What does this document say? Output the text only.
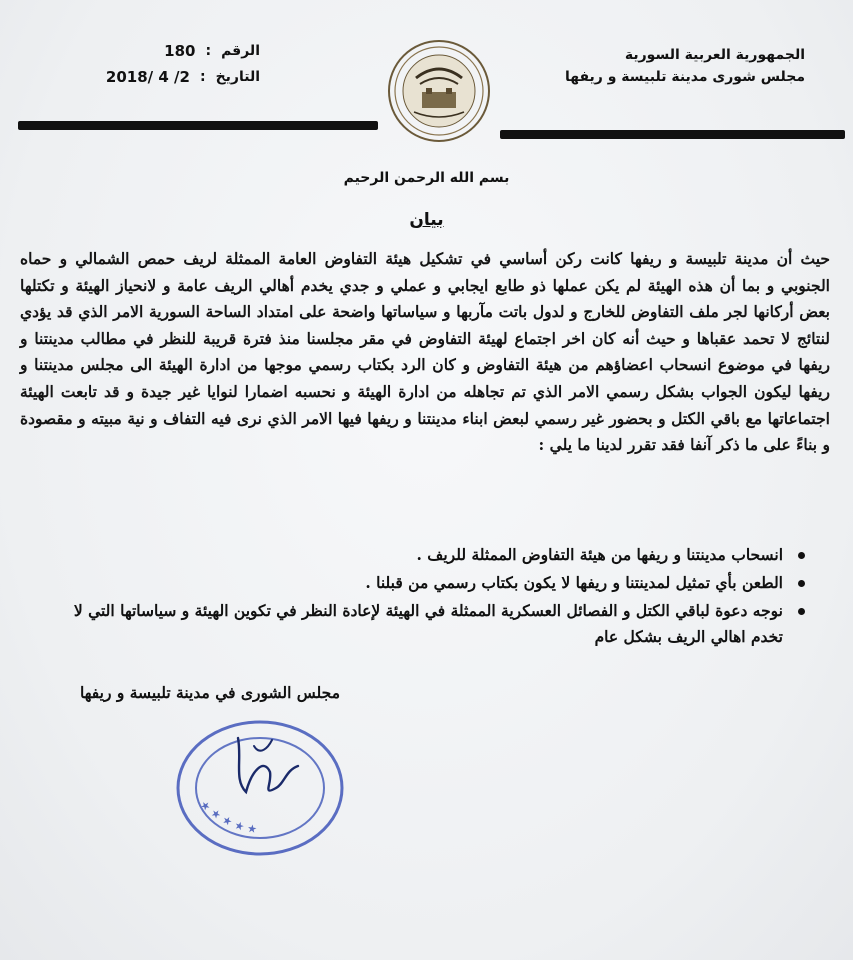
الجمهورية العربية السورية
مجلس شورى مدينة تلبيسة و ريفها
الرقم
:
180
التاريخ
:
2018/ 4 /2
بسم الله الرحمن الرحيم
بيان
حيث أن مدينة تلبيسة و ريفها كانت ركن أساسي في تشكيل هيئة التفاوض العامة الممثلة لريف حمص الشمالي و حماه الجنوبي و بما أن هذه الهيئة لم يكن عملها ذو طابع ايجابي و عملي و جدي يخدم أهالي الريف عامة و لانحياز الهيئة و تكتلها بعض أركانها لجر ملف التفاوض للخارج و لدول باتت مآربها و سياساتها واضحة على امتداد الساحة السورية الامر الذي قد يؤدي لنتائج لا تحمد عقباها و حيث أنه كان اخر اجتماع لهيئة التفاوض في مقر مجلسنا منذ فترة قريبة للنظر في مطالب مدينتنا و ريفها في موضوع انسحاب اعضاؤهم من هيئة التفاوض و كان الرد بكتاب رسمي موجها من ادارة الهيئة الى مجلس مدينتنا و ريفها ليكون الجواب بشكل رسمي الامر الذي تم تجاهله من ادارة الهيئة و نحسبه اضمارا لنوايا غير جيدة و قد تابعت الهيئة اجتماعاتها مع باقي الكتل و بحضور غير رسمي لبعض ابناء مدينتنا و ريفها فيها الامر الذي نرى فيه التفاف و نية مبيته و مقصودة و بناءً على ما ذكر آنفا فقد تقرر لدينا ما يلي :
انسحاب مدينتنا و ريفها من هيئة التفاوض الممثلة للريف .
الطعن بأي تمثيل لمدينتنا و ريفها لا يكون بكتاب رسمي من قبلنا .
نوجه دعوة لباقي الكتل و الفصائل العسكرية الممثلة في الهيئة لإعادة النظر في تكوين الهيئة و سياساتها التي لا تخدم اهالي الريف بشكل عام
مجلس الشورى في مدينة تلبيسة و ريفها
★ ★ ★ ★ ★
